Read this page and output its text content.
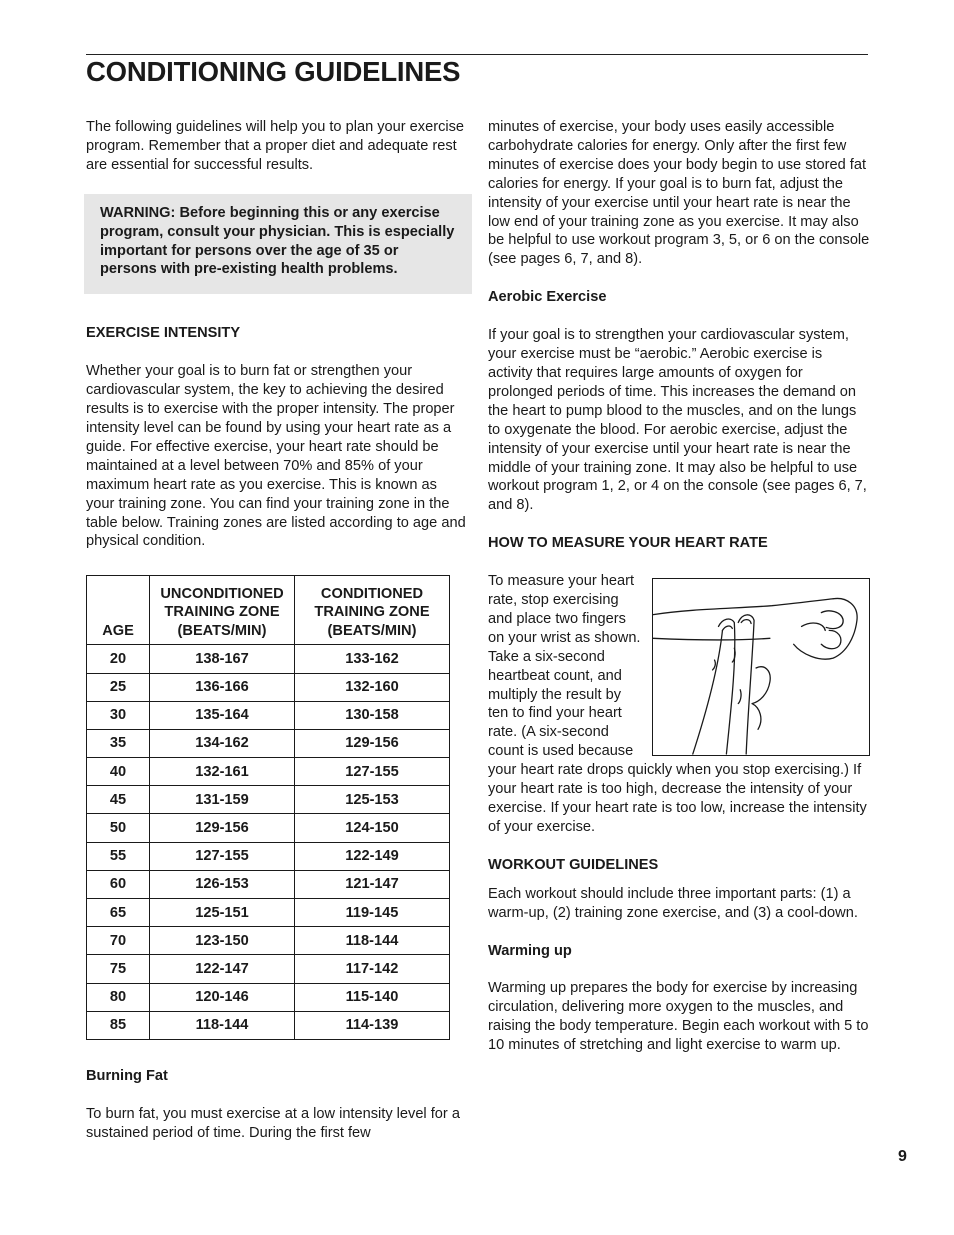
CONDITIONING GUIDELINES

The following guidelines will help you to plan your exercise program. Remember that a proper diet and adequate rest are essential for successful results.

WARNING: Before beginning this or any exercise program, consult your physician. This is especially important for persons over the age of 35 or persons with pre-existing health problems.

EXERCISE INTENSITY

Whether your goal is to burn fat or strengthen your cardiovascular system, the key to achieving the desired results is to exercise with the proper intensity. The proper intensity level can be found by using your heart rate as a guide. For effective exercise, your heart rate should be maintained at a level between 70% and 85% of your maximum heart rate as you exercise. This is known as your training zone. You can find your training zone in the table below. Training zones are listed according to age and physical condition.

AGE	UNCONDITIONED TRAINING ZONE (BEATS/MIN)	CONDITIONED TRAINING ZONE (BEATS/MIN)
20	138-167	133-162
25	136-166	132-160
30	135-164	130-158
35	134-162	129-156
40	132-161	127-155
45	131-159	125-153
50	129-156	124-150
55	127-155	122-149
60	126-153	121-147
65	125-151	119-145
70	123-150	118-144
75	122-147	117-142
80	120-146	115-140
85	118-144	114-139
Burning Fat

To burn fat, you must exercise at a low intensity level for a sustained period of time. During the first few

minutes of exercise, your body uses easily accessible carbohydrate calories for energy. Only after the first few minutes of exercise does your body begin to use stored fat calories for energy. If your goal is to burn fat, adjust the intensity of your exercise until your heart rate is near the low end of your training zone as you exercise. It may also be helpful to use workout program 3, 5, or 6 on the console (see pages 6, 7, and 8).

Aerobic Exercise

If your goal is to strengthen your cardiovascular system, your exercise must be “aerobic.” Aerobic exercise is activity that requires large amounts of oxygen for prolonged periods of time. This increases the demand on the heart to pump blood to the muscles, and on the lungs to oxygenate the blood. For aerobic exercise, adjust the intensity of your exercise until your heart rate is near the middle of your training zone. It may also be helpful to use workout program 1, 2, or 4 on the console (see pages 6, 7, and 8).

HOW TO MEASURE YOUR HEART RATE

To measure your heart rate, stop exercising and place two fingers on your wrist as shown. Take a six-second heartbeat count, and multiply the result by ten to find your heart rate. (A six-second count is used because your heart rate drops quickly when you stop exercising.) If your heart rate is too high, decrease the intensity of your exercise. If your heart rate is too low, increase the intensity of your exercise.

WORKOUT GUIDELINES

Each workout should include three important parts: (1) a warm-up, (2) training zone exercise, and (3) a cool-down.

Warming up

Warming up prepares the body for exercise by increasing circulation, delivering more oxygen to the muscles, and raising the body temperature. Begin each workout with 5 to 10 minutes of stretching and light exercise to warm up.

9
